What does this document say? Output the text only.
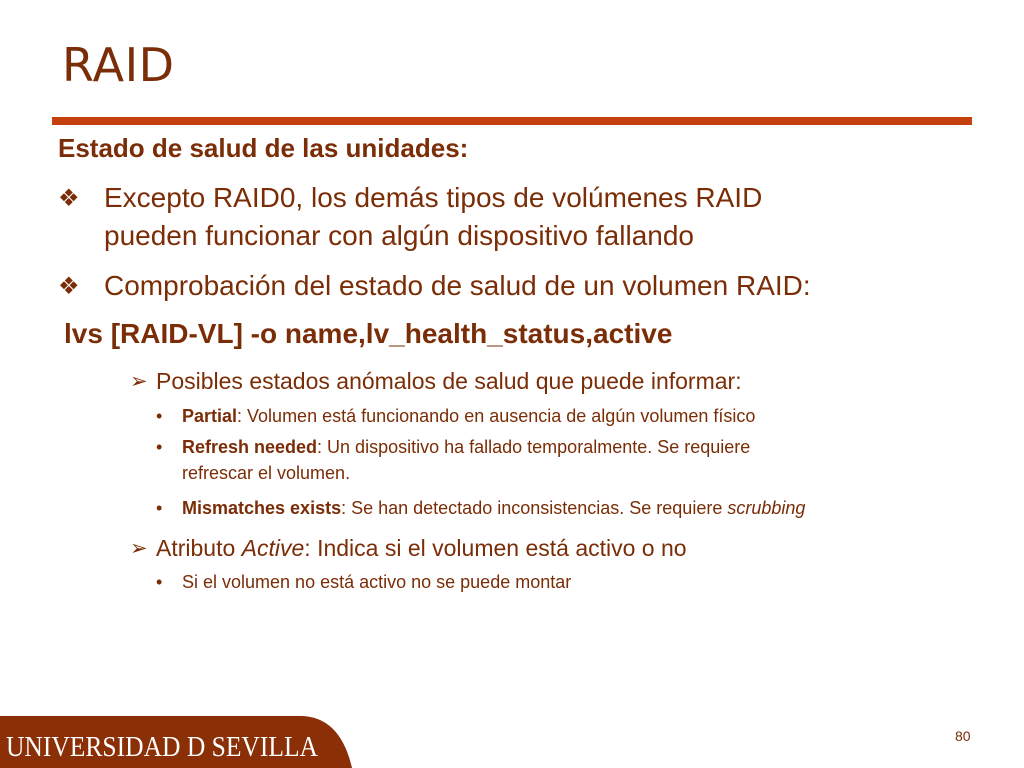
RAID
Estado de salud de las unidades:
❖ Excepto RAID0, los demás tipos de volúmenes RAID
pueden funcionar con algún dispositivo fallando
❖ Comprobación del estado de salud de un volumen RAID:
lvs [RAID-VL] -o name,lv_health_status,active
➢ Posibles estados anómalos de salud que puede informar:
• Partial: Volumen está funcionando en ausencia de algún volumen físico
• Refresh needed: Un dispositivo ha fallado temporalmente. Se requiere
refrescar el volumen.
• Mismatches exists: Se han detectado inconsistencias. Se requiere scrubbing
➢ Atributo Active: Indica si el volumen está activo o no
• Si el volumen no está activo no se puede montar
UNIVERSIDAD D SEVILLA	80
